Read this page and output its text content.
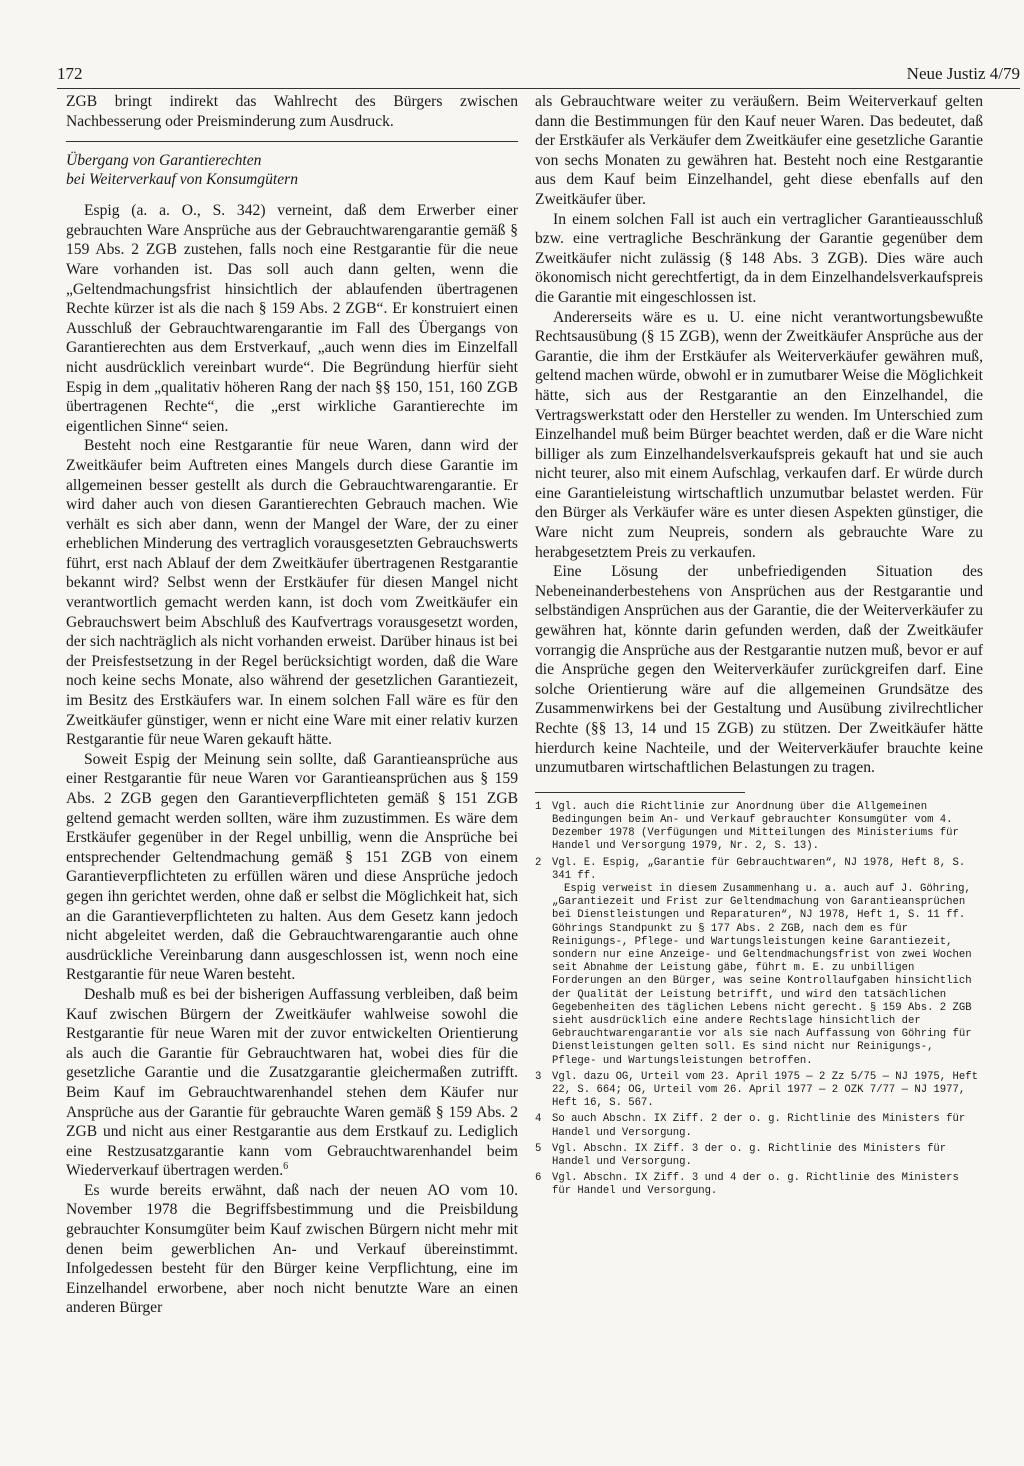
172	Neue Justiz 4/79

ZGB bringt indirekt das Wahlrecht des Bürgers zwischen Nachbesserung oder Preisminderung zum Ausdruck.

Übergang von Garantierechten
bei Weiterverkauf von Konsumgütern

Espig (a. a. O., S. 342) verneint, daß dem Erwerber einer gebrauchten Ware Ansprüche aus der Gebrauchtwarengarantie gemäß § 159 Abs. 2 ZGB zustehen, falls noch eine Restgarantie für die neue Ware vorhanden ist. Das soll auch dann gelten, wenn die „Geltendmachungsfrist hinsichtlich der ablaufenden übertragenen Rechte kürzer ist als die nach § 159 Abs. 2 ZGB“. Er konstruiert einen Ausschluß der Gebrauchtwarengarantie im Fall des Übergangs von Garantierechten aus dem Erstverkauf, „auch wenn dies im Einzelfall nicht ausdrücklich vereinbart wurde“. Die Begründung hierfür sieht Espig in dem „qualitativ höheren Rang der nach §§ 150, 151, 160 ZGB übertragenen Rechte“, die „erst wirkliche Garantierechte im eigentlichen Sinne“ seien.

Besteht noch eine Restgarantie für neue Waren, dann wird der Zweitkäufer beim Auftreten eines Mangels durch diese Garantie im allgemeinen besser gestellt als durch die Gebrauchtwarengarantie. Er wird daher auch von diesen Garantierechten Gebrauch machen. Wie verhält es sich aber dann, wenn der Mangel der Ware, der zu einer erheblichen Minderung des vertraglich vorausgesetzten Gebrauchswerts führt, erst nach Ablauf der dem Zweitkäufer übertragenen Restgarantie bekannt wird? Selbst wenn der Erstkäufer für diesen Mangel nicht verantwortlich gemacht werden kann, ist doch vom Zweitkäufer ein Gebrauchswert beim Abschluß des Kaufvertrags vorausgesetzt worden, der sich nachträglich als nicht vorhanden erweist. Darüber hinaus ist bei der Preisfestsetzung in der Regel berücksichtigt worden, daß die Ware noch keine sechs Monate, also während der gesetzlichen Garantiezeit, im Besitz des Erstkäufers war. In einem solchen Fall wäre es für den Zweitkäufer günstiger, wenn er nicht eine Ware mit einer relativ kurzen Restgarantie für neue Waren gekauft hätte.

Soweit Espig der Meinung sein sollte, daß Garantieansprüche aus einer Restgarantie für neue Waren vor Garantieansprüchen aus § 159 Abs. 2 ZGB gegen den Garantieverpflichteten gemäß § 151 ZGB geltend gemacht werden sollten, wäre ihm zuzustimmen. Es wäre dem Erstkäufer gegenüber in der Regel unbillig, wenn die Ansprüche bei entsprechender Geltendmachung gemäß § 151 ZGB von einem Garantieverpflichteten zu erfüllen wären und diese Ansprüche jedoch gegen ihn gerichtet werden, ohne daß er selbst die Möglichkeit hat, sich an die Garantieverpflichteten zu halten. Aus dem Gesetz kann jedoch nicht abgeleitet werden, daß die Gebrauchtwarengarantie auch ohne ausdrückliche Vereinbarung dann ausgeschlossen ist, wenn noch eine Restgarantie für neue Waren besteht.

Deshalb muß es bei der bisherigen Auffassung verbleiben, daß beim Kauf zwischen Bürgern der Zweitkäufer wahlweise sowohl die Restgarantie für neue Waren mit der zuvor entwickelten Orientierung als auch die Garantie für Gebrauchtwaren hat, wobei dies für die gesetzliche Garantie und die Zusatzgarantie gleichermaßen zutrifft. Beim Kauf im Gebrauchtwarenhandel stehen dem Käufer nur Ansprüche aus der Garantie für gebrauchte Waren gemäß § 159 Abs. 2 ZGB und nicht aus einer Restgarantie aus dem Erstkauf zu. Lediglich eine Restzusatzgarantie kann vom Gebrauchtwarenhandel beim Wiederverkauf übertragen werden.$^6$

Es wurde bereits erwähnt, daß nach der neuen AO vom 10. November 1978 die Begriffsbestimmung und die Preisbildung gebrauchter Konsumgüter beim Kauf zwischen Bürgern nicht mehr mit denen beim gewerblichen An- und Verkauf übereinstimmt. Infolgedessen besteht für den Bürger keine Verpflichtung, eine im Einzelhandel erworbene, aber noch nicht benutzte Ware an einen anderen Bürger

als Gebrauchtware weiter zu veräußern. Beim Weiterverkauf gelten dann die Bestimmungen für den Kauf neuer Waren. Das bedeutet, daß der Erstkäufer als Verkäufer dem Zweitkäufer eine gesetzliche Garantie von sechs Monaten zu gewähren hat. Besteht noch eine Restgarantie aus dem Kauf beim Einzelhandel, geht diese ebenfalls auf den Zweitkäufer über.

In einem solchen Fall ist auch ein vertraglicher Garantieausschluß bzw. eine vertragliche Beschränkung der Garantie gegenüber dem Zweitkäufer nicht zulässig (§ 148 Abs. 3 ZGB). Dies wäre auch ökonomisch nicht gerechtfertigt, da in dem Einzelhandelsverkaufspreis die Garantie mit eingeschlossen ist.

Andererseits wäre es u. U. eine nicht verantwortungsbewußte Rechtsausübung (§ 15 ZGB), wenn der Zweitkäufer Ansprüche aus der Garantie, die ihm der Erstkäufer als Weiterverkäufer gewähren muß, geltend machen würde, obwohl er in zumutbarer Weise die Möglichkeit hätte, sich aus der Restgarantie an den Einzelhandel, die Vertragswerkstatt oder den Hersteller zu wenden. Im Unterschied zum Einzelhandel muß beim Bürger beachtet werden, daß er die Ware nicht billiger als zum Einzelhandelsverkaufspreis gekauft hat und sie auch nicht teurer, also mit einem Aufschlag, verkaufen darf. Er würde durch eine Garantieleistung wirtschaftlich unzumutbar belastet werden. Für den Bürger als Verkäufer wäre es unter diesen Aspekten günstiger, die Ware nicht zum Neupreis, sondern als gebrauchte Ware zu herabgesetztem Preis zu verkaufen.

Eine Lösung der unbefriedigenden Situation des Nebeneinanderbestehens von Ansprüchen aus der Restgarantie und selbständigen Ansprüchen aus der Garantie, die der Weiterverkäufer zu gewähren hat, könnte darin gefunden werden, daß der Zweitkäufer vorrangig die Ansprüche aus der Restgarantie nutzen muß, bevor er auf die Ansprüche gegen den Weiterverkäufer zurückgreifen darf. Eine solche Orientierung wäre auf die allgemeinen Grundsätze des Zusammenwirkens bei der Gestaltung und Ausübung zivilrechtlicher Rechte (§§ 13, 14 und 15 ZGB) zu stützen. Der Zweitkäufer hätte hierdurch keine Nachteile, und der Weiterverkäufer brauchte keine unzumutbaren wirtschaftlichen Belastungen zu tragen.

1 Vgl. auch die Richtlinie zur Anordnung über die Allgemeinen Bedingungen beim An- und Verkauf gebrauchter Konsumgüter vom 4. Dezember 1978 (Verfügungen und Mitteilungen des Ministeriums für Handel und Versorgung 1979, Nr. 2, S. 13).

2 Vgl. E. Espig, „Garantie für Gebrauchtwaren“, NJ 1978, Heft 8, S. 341 ff.

Espig verweist in diesem Zusammenhang u. a. auch auf J. Göhring, „Garantiezeit und Frist zur Geltendmachung von Garantieansprüchen bei Dienstleistungen und Reparaturen“, NJ 1978, Heft 1, S. 11 ff. Göhrings Standpunkt zu § 177 Abs. 2 ZGB, nach dem es für Reinigungs-, Pflege- und Wartungsleistungen keine Garantiezeit, sondern nur eine Anzeige- und Geltendmachungsfrist von zwei Wochen seit Abnahme der Leistung gäbe, führt m. E. zu unbilligen Forderungen an den Bürger, was seine Kontrollaufgaben hinsichtlich der Qualität der Leistung betrifft, und wird den tatsächlichen Gegebenheiten des täglichen Lebens nicht gerecht. § 159 Abs. 2 ZGB sieht ausdrücklich eine andere Rechtslage hinsichtlich der Gebrauchtwarengarantie vor als sie nach Auffassung von Göhring für Dienstleistungen gelten soll. Es sind nicht nur Reinigungs-, Pflege- und Wartungsleistungen betroffen.

3 Vgl. dazu OG, Urteil vom 23. April 1975 — 2 Zz 5/75 — NJ 1975, Heft 22, S. 664; OG, Urteil vom 26. April 1977 — 2 OZK 7/77 — NJ 1977, Heft 16, S. 567.

4 So auch Abschn. IX Ziff. 2 der o. g. Richtlinie des Ministers für Handel und Versorgung.

5 Vgl. Abschn. IX Ziff. 3 der o. g. Richtlinie des Ministers für Handel und Versorgung.

6 Vgl. Abschn. IX Ziff. 3 und 4 der o. g. Richtlinie des Ministers für Handel und Versorgung.
